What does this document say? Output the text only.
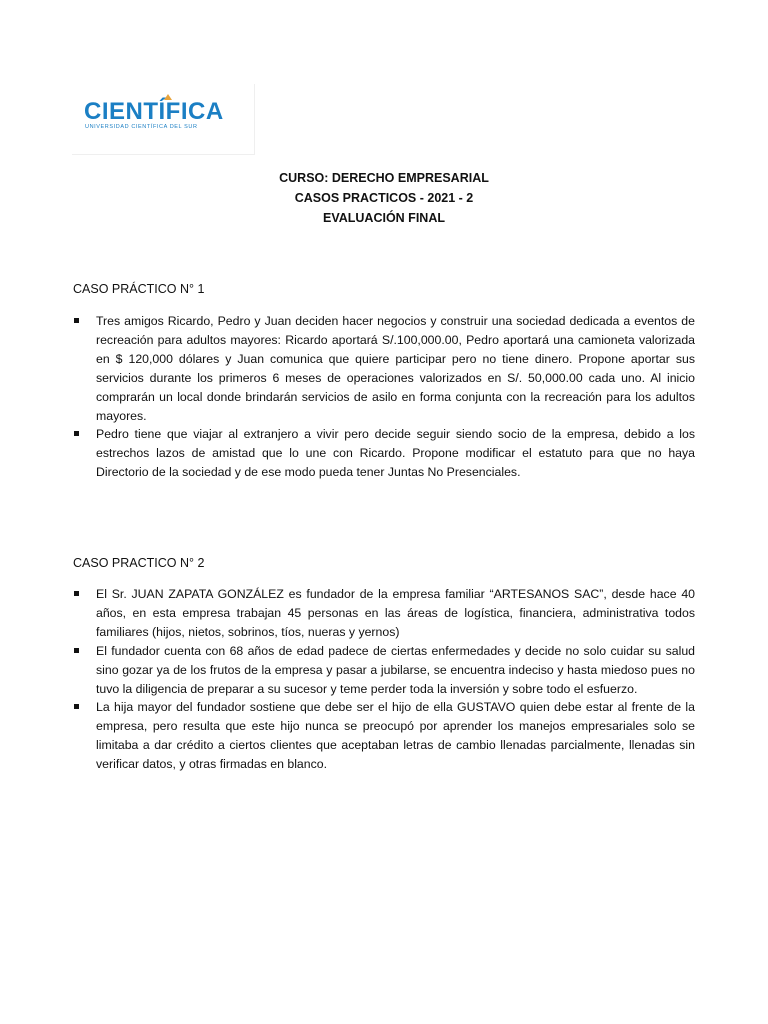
CIENTÍFICA
UNIVERSIDAD CIENTÍFICA DEL SUR
CURSO: DERECHO EMPRESARIAL
CASOS PRACTICOS - 2021 - 2
EVALUACIÓN FINAL
CASO PRÁCTICO N° 1
Tres amigos Ricardo, Pedro y Juan deciden hacer negocios y construir una sociedad dedicada a eventos de recreación para adultos mayores: Ricardo aportará S/.100,000.00, Pedro aportará una camioneta valorizada en $ 120,000 dólares y Juan comunica que quiere participar pero no tiene dinero. Propone aportar sus servicios durante los primeros 6 meses de operaciones valorizados en S/. 50,000.00 cada uno. Al inicio comprarán un local donde brindarán servicios de asilo en forma conjunta con la recreación para los adultos mayores.
Pedro tiene que viajar al extranjero a vivir pero decide seguir siendo socio de la empresa, debido a los estrechos lazos de amistad que lo une con Ricardo. Propone modificar el estatuto para que no haya Directorio de la sociedad y de ese modo pueda tener Juntas No Presenciales.
CASO PRACTICO N° 2
El Sr. JUAN ZAPATA GONZÁLEZ es fundador de la empresa familiar “ARTESANOS SAC”, desde hace 40 años, en esta empresa trabajan 45 personas en las áreas de logística, financiera, administrativa todos familiares (hijos, nietos, sobrinos, tíos, nueras y yernos)
El fundador cuenta con 68 años de edad padece de ciertas enfermedades y decide no solo cuidar su salud sino gozar ya de los frutos de la empresa y pasar a jubilarse, se encuentra indeciso y hasta miedoso pues no tuvo la diligencia de preparar a su sucesor y teme perder toda la inversión y sobre todo el esfuerzo.
La hija mayor del fundador sostiene que debe ser el hijo de ella GUSTAVO quien debe estar al frente de la empresa, pero resulta que este hijo nunca se preocupó por aprender los manejos empresariales solo se limitaba a dar crédito a ciertos clientes que aceptaban letras de cambio llenadas parcialmente, llenadas sin verificar datos, y otras firmadas en blanco.
